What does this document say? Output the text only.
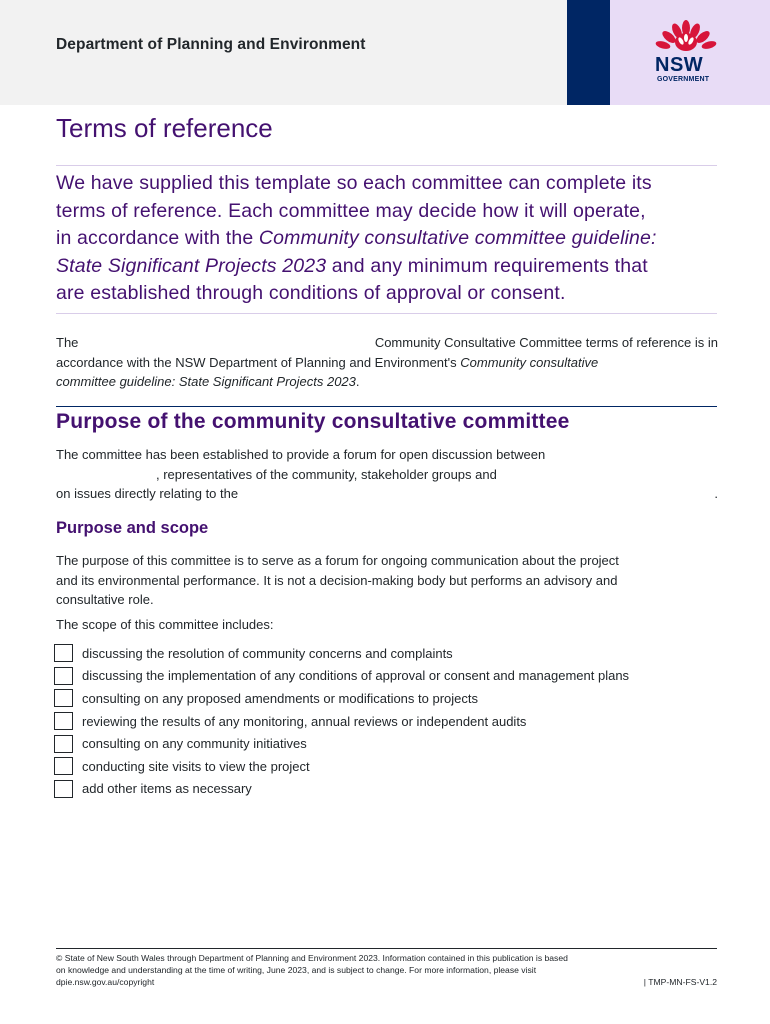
Department of Planning and Environment
NSW
GOVERNMENT
Terms of reference

We have supplied this template so each committee can complete its
terms of reference. Each committee may decide how it will operate,
in accordance with the Community consultative committee guideline:
State Significant Projects 2023 and any minimum requirements that
are established through conditions of approval or consent.

The	Community Consultative Committee terms of reference is in
accordance with the NSW Department of Planning and Environment's Community consultative
committee guideline: State Significant Projects 2023.
Purpose of the community consultative committee
The committee has been established to provide a forum for open discussion between
, representatives of the community, stakeholder groups and
on issues directly relating to the	.
Purpose and scope
The purpose of this committee is to serve as a forum for ongoing communication about the project
and its environmental performance. It is not a decision-making body but performs an advisory and
consultative role.
The scope of this committee includes:
discussing the resolution of community concerns and complaints
discussing the implementation of any conditions of approval or consent and management plans
consulting on any proposed amendments or modifications to projects
reviewing the results of any monitoring, annual reviews or independent audits
consulting on any community initiatives
conducting site visits to view the project
add other items as necessary
© State of New South Wales through Department of Planning and Environment 2023. Information contained in this publication is based
on knowledge and understanding at the time of writing, June 2023, and is subject to change. For more information, please visit
dpie.nsw.gov.au/copyright	| TMP-MN-FS-V1.2
